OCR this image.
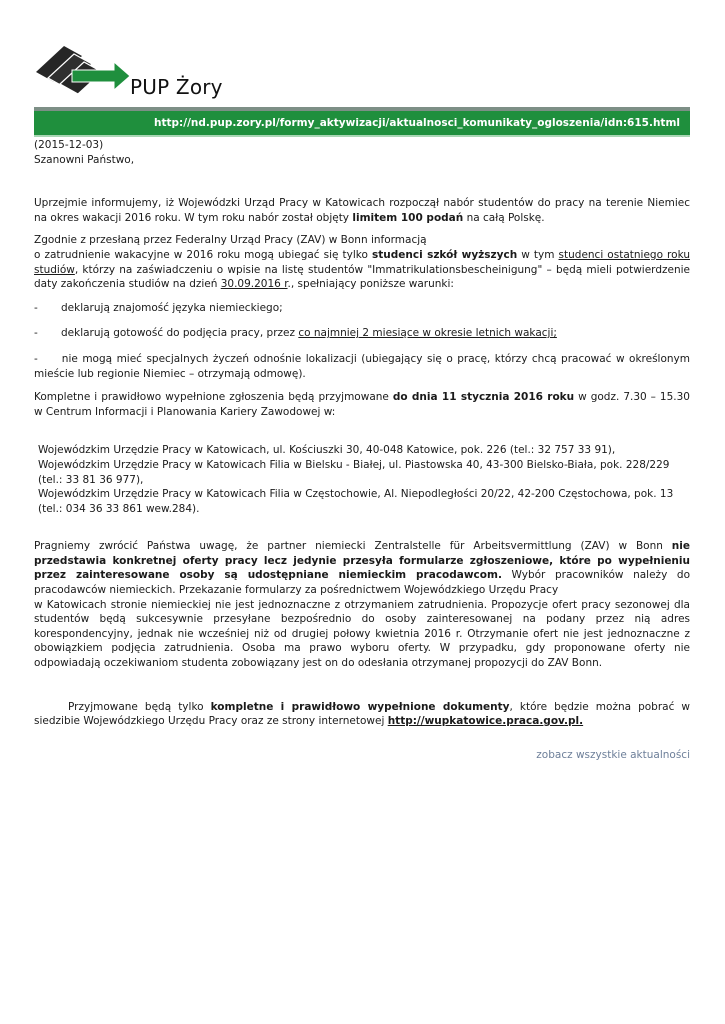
PUP Żory
http://nd.pup.zory.pl/formy_aktywizacji/aktualnosci_komunikaty_ogloszenia/idn:615.html

(2015-12-03)

Szanowni Państwo,

Uprzejmie informujemy, iż Wojewódzki Urząd Pracy w Katowicach rozpoczął nabór studentów do pracy na terenie Niemiec na okres wakacji 2016 roku. W tym roku nabór został objęty limitem 100 podań na całą Polskę.

Zgodnie z przesłaną przez Federalny Urząd Pracy (ZAV) w Bonn informacją

o zatrudnienie wakacyjne w 2016 roku mogą ubiegać się tylko studenci szkół wyższych w tym studenci ostatniego roku studiów, którzy na zaświadczeniu o wpisie na listę studentów "Immatrikulationsbescheinigung" – będą mieli potwierdzenie daty zakończenia studiów na dzień 30.09.2016 r., spełniający poniższe warunki:

-	deklarują znajomość języka niemieckiego;
-	deklarują gotowość do podjęcia pracy, przez co najmniej 2 miesiące w okresie letnich wakacji;
- nie mogą mieć specjalnych życzeń odnośnie lokalizacji (ubiegający się o pracę, którzy chcą pracować w określonym mieście lub regionie Niemiec – otrzymają odmowę).

Kompletne i prawidłowo wypełnione zgłoszenia będą przyjmowane do dnia 11 stycznia 2016 roku w godz. 7.30 – 15.30 w Centrum Informacji i Planowania Kariery Zawodowej w:

Wojewódzkim Urzędzie Pracy w Katowicach, ul. Kościuszki 30, 40-048 Katowice, pok. 226 (tel.: 32 757 33 91),

Wojewódzkim Urzędzie Pracy w Katowicach Filia w Bielsku - Białej, ul. Piastowska 40, 43-300 Bielsko-Biała, pok. 228/229 (tel.: 33 81 36 977),

Wojewódzkim Urzędzie Pracy w Katowicach Filia w Częstochowie, Al. Niepodległości 20/22, 42-200 Częstochowa, pok. 13 (tel.: 034 36 33 861 wew.284).

Pragniemy zwrócić Państwa uwagę, że partner niemiecki Zentralstelle für Arbeitsvermittlung (ZAV) w Bonn nie przedstawia konkretnej oferty pracy lecz jedynie przesyła formularze zgłoszeniowe, które po wypełnieniu przez zainteresowane osoby są udostępniane niemieckim pracodawcom. Wybór pracowników należy do pracodawców niemieckich. Przekazanie formularzy za pośrednictwem Wojewódzkiego Urzędu Pracy

w Katowicach stronie niemieckiej nie jest jednoznaczne z otrzymaniem zatrudnienia. Propozycje ofert pracy sezonowej dla studentów będą sukcesywnie przesyłane bezpośrednio do osoby zainteresowanej na podany przez nią adres korespondencyjny, jednak nie wcześniej niż od drugiej połowy kwietnia 2016 r. Otrzymanie ofert nie jest jednoznaczne z obowiązkiem podjęcia zatrudnienia. Osoba ma prawo wyboru oferty. W przypadku, gdy proponowane oferty nie odpowiadają oczekiwaniom studenta zobowiązany jest on do odesłania otrzymanej propozycji do ZAV Bonn.

Przyjmowane będą tylko kompletne i prawidłowo wypełnione dokumenty, które będzie można pobrać w siedzibie Wojewódzkiego Urzędu Pracy oraz ze strony internetowej http://wupkatowice.praca.gov.pl.

zobacz wszystkie aktualności
